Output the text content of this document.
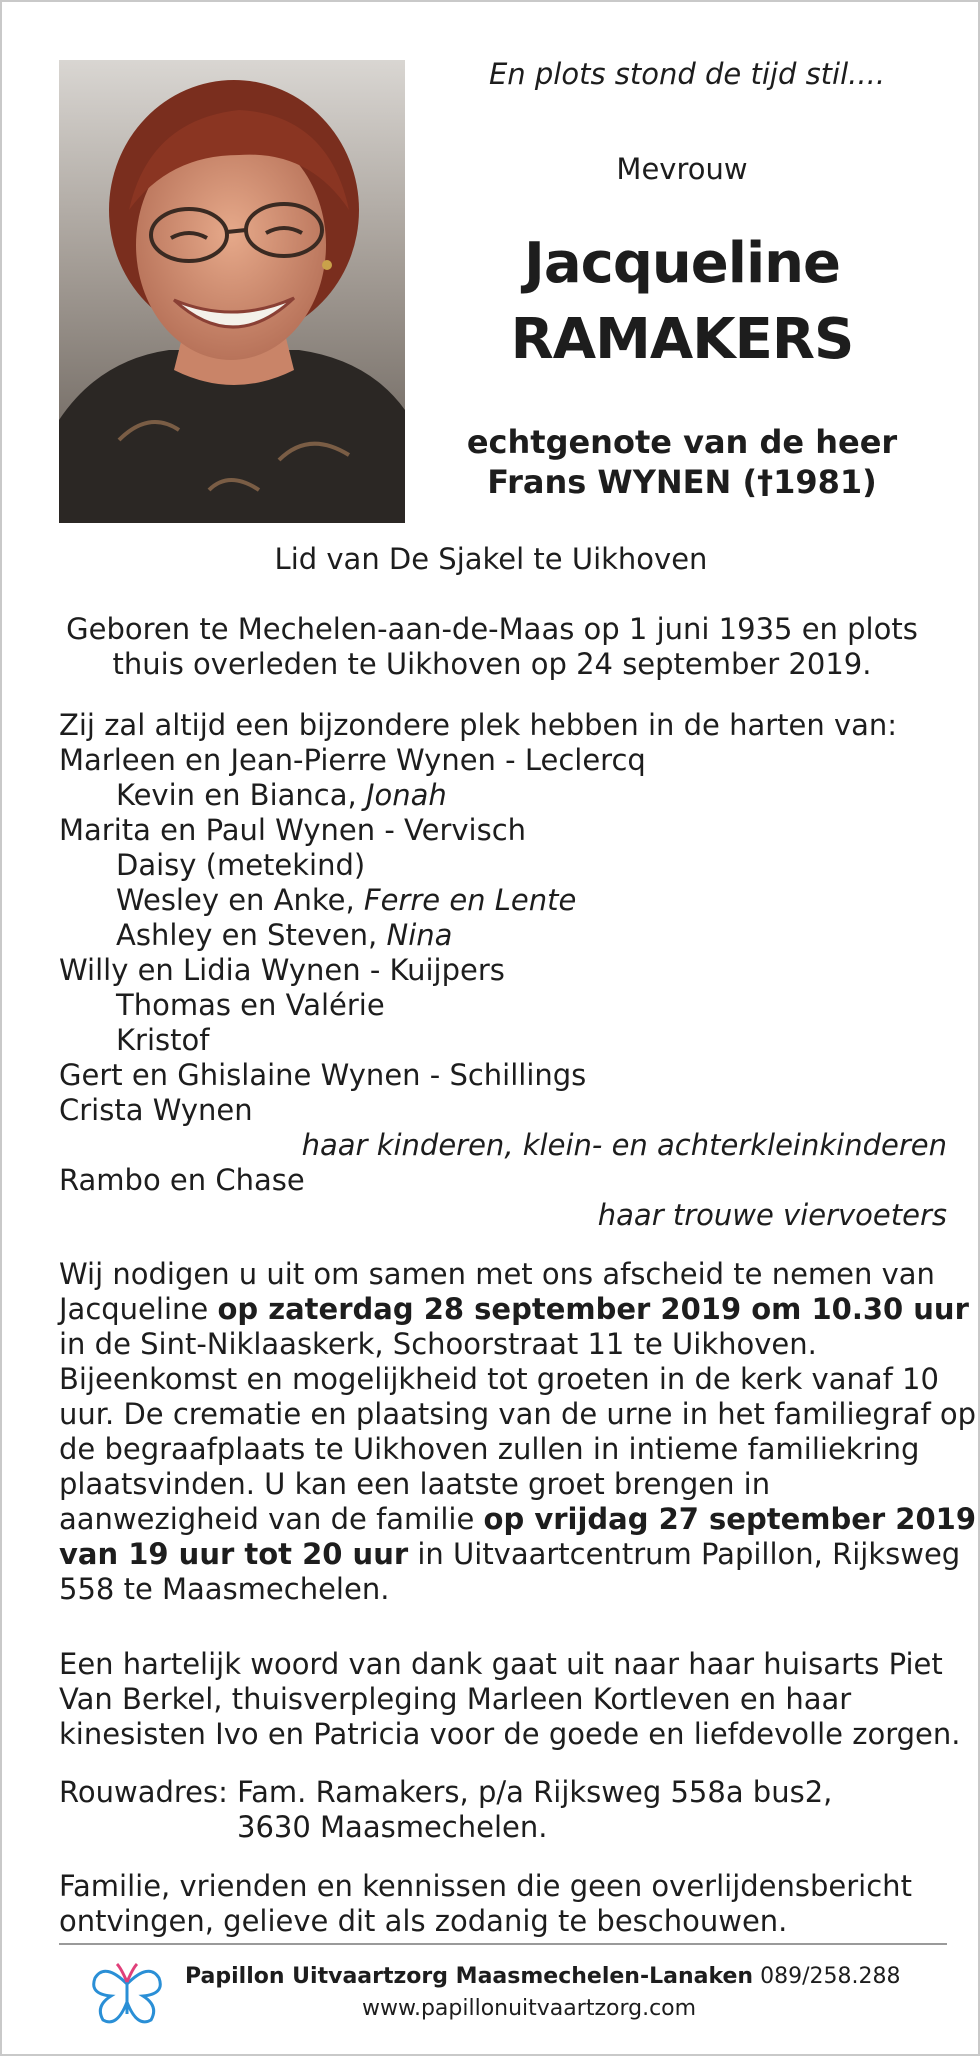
En plots stond de tijd stil....
Mevrouw
Jacqueline
RAMAKERS
echtgenote van de heer
Frans WYNEN (†1981)
Lid van De Sjakel te Uikhoven
Geboren te Mechelen-aan-de-Maas op 1 juni 1935 en plots
thuis overleden te Uikhoven op 24 september 2019.
Zij zal altijd een bijzondere plek hebben in de harten van:
Marleen en Jean-Pierre Wynen - Leclercq
Kevin en Bianca, Jonah
Marita en Paul Wynen - Vervisch
Daisy (metekind)
Wesley en Anke, Ferre en Lente
Ashley en Steven, Nina
Willy en Lidia Wynen - Kuijpers
Thomas en Valérie
Kristof
Gert en Ghislaine Wynen - Schillings
Crista Wynen
haar kinderen, klein- en achterkleinkinderen
Rambo en Chase
haar trouwe viervoeters
Wij nodigen u uit om samen met ons afscheid te nemen van
Jacqueline op zaterdag 28 september 2019 om 10.30 uur
in de Sint-Niklaaskerk, Schoorstraat 11 te Uikhoven.
Bijeenkomst en mogelijkheid tot groeten in de kerk vanaf 10
uur. De crematie en plaatsing van de urne in het familiegraf op
de begraafplaats te Uikhoven zullen in intieme familiekring
plaatsvinden. U kan een laatste groet brengen in
aanwezigheid van de familie op vrijdag 27 september 2019
van 19 uur tot 20 uur in Uitvaartcentrum Papillon, Rijksweg
558 te Maasmechelen.
Een hartelijk woord van dank gaat uit naar haar huisarts Piet
Van Berkel, thuisverpleging Marleen Kortleven en haar
kinesisten Ivo en Patricia voor de goede en liefdevolle zorgen.
Rouwadres: Fam. Ramakers, p/a Rijksweg 558a bus2,
3630 Maasmechelen.
Familie, vrienden en kennissen die geen overlijdensbericht
ontvingen, gelieve dit als zodanig te beschouwen.
Papillon Uitvaartzorg Maasmechelen-Lanaken 089/258.288
www.papillonuitvaartzorg.com
